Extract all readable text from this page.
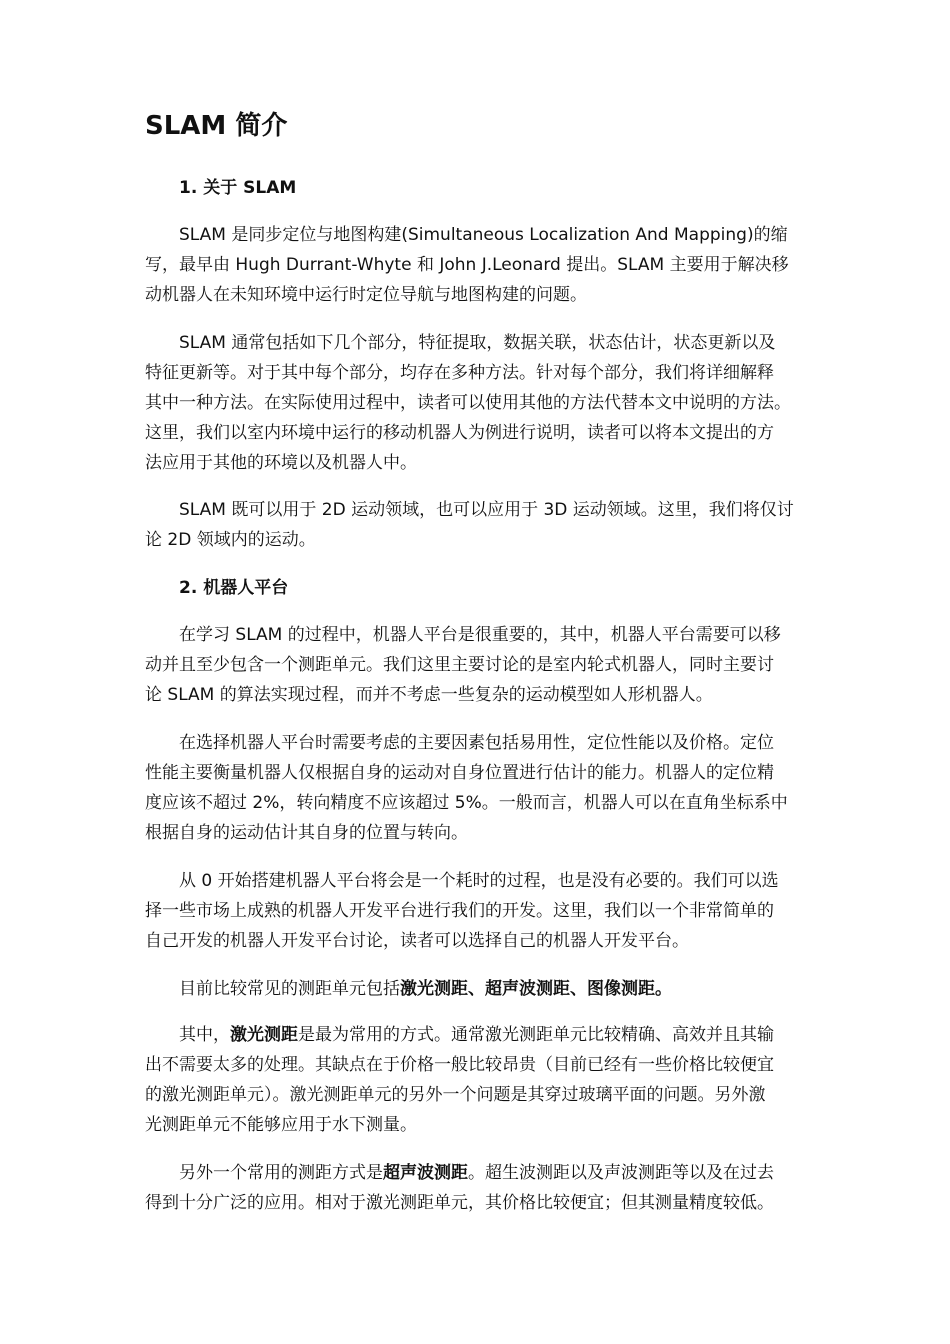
SLAM 简介
1. 关于 SLAM
SLAM 是同步定位与地图构建(Simultaneous Localization And Mapping)的缩
写，最早由 Hugh Durrant-Whyte 和 John J.Leonard 提出。SLAM 主要用于解决移
动机器人在未知环境中运行时定位导航与地图构建的问题。
SLAM 通常包括如下几个部分，特征提取，数据关联，状态估计，状态更新以及
特征更新等。对于其中每个部分，均存在多种方法。针对每个部分，我们将详细解释
其中一种方法。在实际使用过程中，读者可以使用其他的方法代替本文中说明的方法。
这里，我们以室内环境中运行的移动机器人为例进行说明，读者可以将本文提出的方
法应用于其他的环境以及机器人中。
SLAM 既可以用于 2D 运动领域，也可以应用于 3D 运动领域。这里，我们将仅讨
论 2D 领域内的运动。
2. 机器人平台
在学习 SLAM 的过程中，机器人平台是很重要的，其中，机器人平台需要可以移
动并且至少包含一个测距单元。我们这里主要讨论的是室内轮式机器人，同时主要讨
论 SLAM 的算法实现过程，而并不考虑一些复杂的运动模型如人形机器人。
在选择机器人平台时需要考虑的主要因素包括易用性，定位性能以及价格。定位
性能主要衡量机器人仅根据自身的运动对自身位置进行估计的能力。机器人的定位精
度应该不超过 2%，转向精度不应该超过 5%。一般而言，机器人可以在直角坐标系中
根据自身的运动估计其自身的位置与转向。
从 0 开始搭建机器人平台将会是一个耗时的过程，也是没有必要的。我们可以选
择一些市场上成熟的机器人开发平台进行我们的开发。这里，我们以一个非常简单的
自己开发的机器人开发平台讨论，读者可以选择自己的机器人开发平台。
目前比较常见的测距单元包括激光测距、超声波测距、图像测距。
其中，激光测距是最为常用的方式。通常激光测距单元比较精确、高效并且其输
出不需要太多的处理。其缺点在于价格一般比较昂贵（目前已经有一些价格比较便宜
的激光测距单元）。激光测距单元的另外一个问题是其穿过玻璃平面的问题。另外激
光测距单元不能够应用于水下测量。
另外一个常用的测距方式是超声波测距。超生波测距以及声波测距等以及在过去
得到十分广泛的应用。相对于激光测距单元，其价格比较便宜；但其测量精度较低。
